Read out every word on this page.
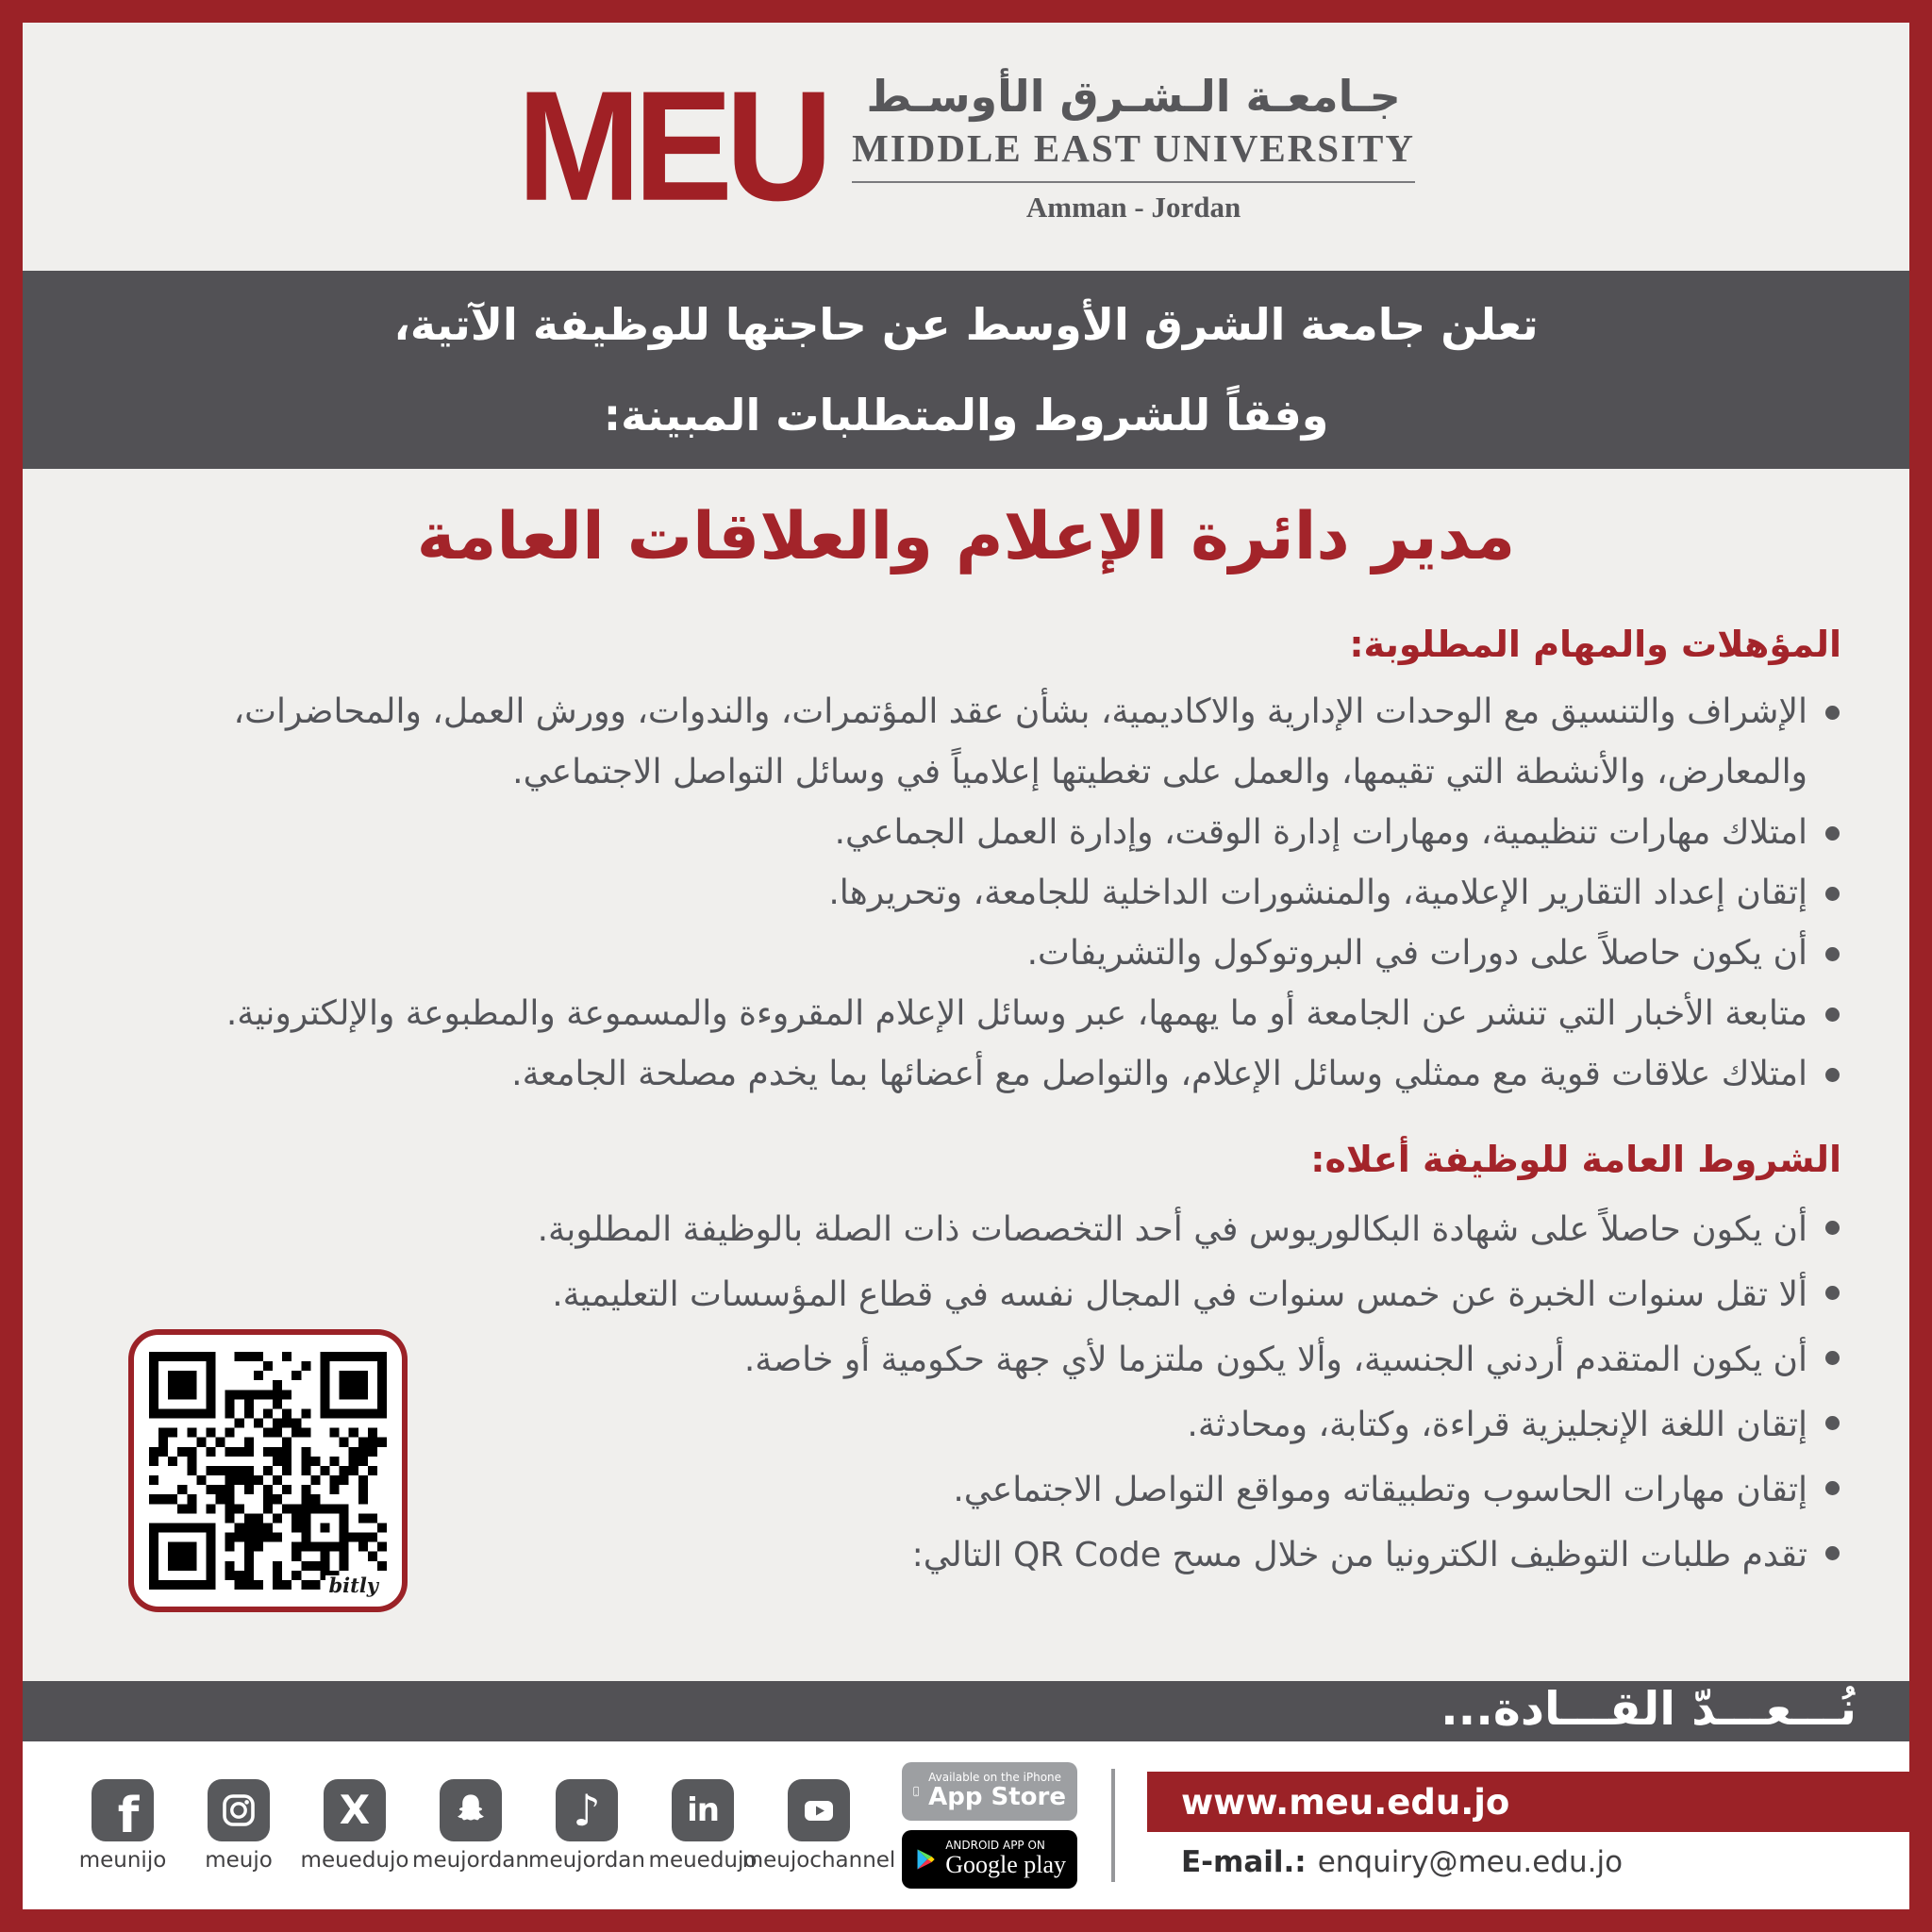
MEU جـامعـة الـشـرق الأوسـط
MIDDLE EAST UNIVERSITY
Amman - Jordan
تعلن جامعة الشرق الأوسط عن حاجتها للوظيفة الآتية،
وفقاً للشروط والمتطلبات المبينة:
مدير دائرة الإعلام والعلاقات العامة
المؤهلات والمهام المطلوبة:
الإشراف والتنسيق مع الوحدات الإدارية والاكاديمية، بشأن عقد المؤتمرات، والندوات، وورش العمل، والمحاضرات، والمعارض، والأنشطة التي تقيمها، والعمل على تغطيتها إعلامياً في وسائل التواصل الاجتماعي.
امتلاك مهارات تنظيمية، ومهارات إدارة الوقت، وإدارة العمل الجماعي.
إتقان إعداد التقارير الإعلامية، والمنشورات الداخلية للجامعة، وتحريرها.
أن يكون حاصلاً على دورات في البروتوكول والتشريفات.
متابعة الأخبار التي تنشر عن الجامعة أو ما يهمها، عبر وسائل الإعلام المقروءة والمسموعة والمطبوعة والإلكترونية.
امتلاك علاقات قوية مع ممثلي وسائل الإعلام، والتواصل مع أعضائها بما يخدم مصلحة الجامعة.
الشروط العامة للوظيفة أعلاه:
أن يكون حاصلاً على شهادة البكالوريوس في أحد التخصصات ذات الصلة بالوظيفة المطلوبة.
ألا تقل سنوات الخبرة عن خمس سنوات في المجال نفسه في قطاع المؤسسات التعليمية.
أن يكون المتقدم أردني الجنسية، وألا يكون ملتزما لأي جهة حكومية أو خاصة.
إتقان اللغة الإنجليزية قراءة، وكتابة، ومحادثة.
إتقان مهارات الحاسوب وتطبيقاته ومواقع التواصل الاجتماعي.
تقدم طلبات التوظيف الكترونيا من خلال مسح QR Code التالي:
bitly
نُـــعـــدّ القـــادة...
f
meunijo meujo
X
meuedujo meujordan
♪
meujordan
in
meuedujo
meujochannel
Available on the iPhone
App Store
ANDROID APP ON
Google play
www.meu.edu.jo
E-mail.: enquiry@meu.edu.jo
